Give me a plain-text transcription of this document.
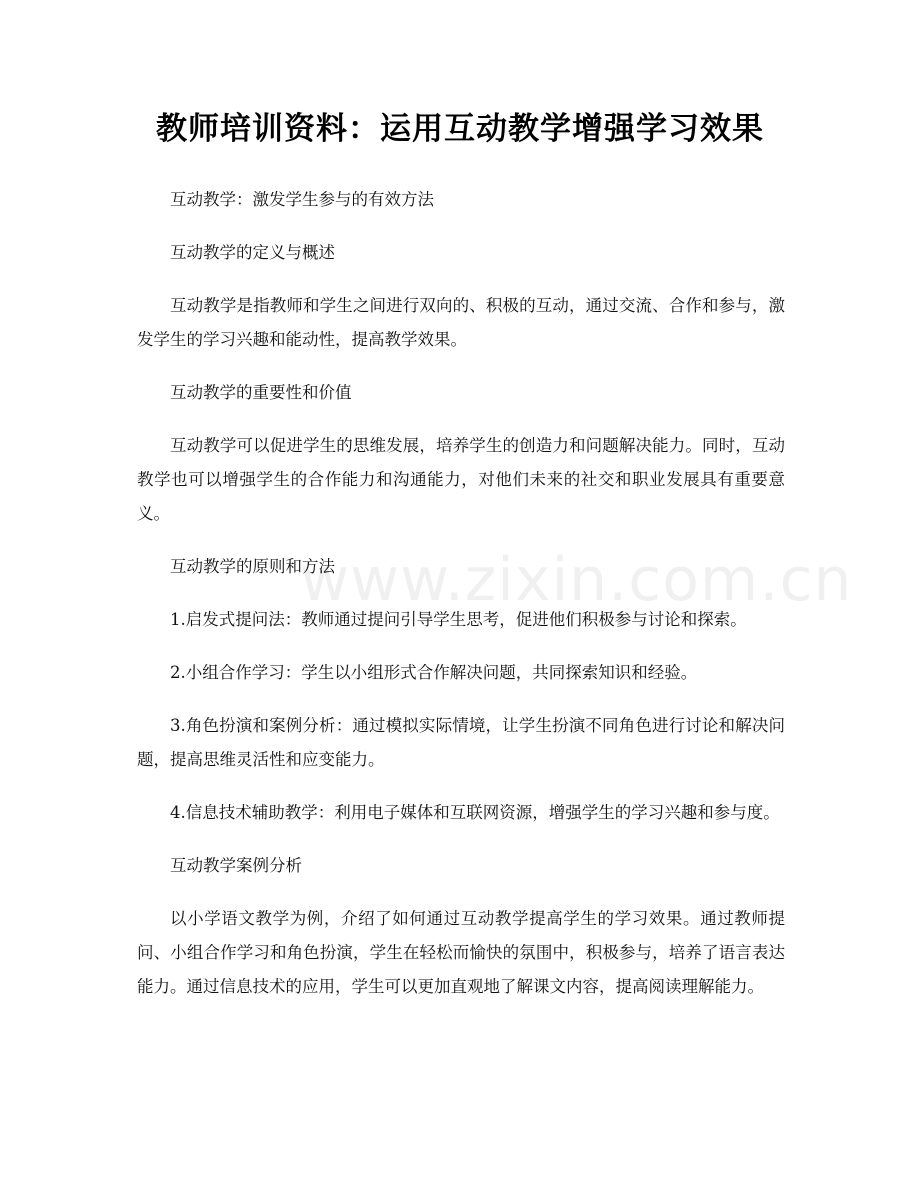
www.zixin.com.cn
教师培训资料：运用互动教学增强学习效果

互动教学：激发学生参与的有效方法

互动教学的定义与概述

互动教学是指教师和学生之间进行双向的、积极的互动，通过交流、合作和参与，激发学生的学习兴趣和能动性，提高教学效果。

互动教学的重要性和价值

互动教学可以促进学生的思维发展，培养学生的创造力和问题解决能力。同时，互动教学也可以增强学生的合作能力和沟通能力，对他们未来的社交和职业发展具有重要意义。

互动教学的原则和方法

1.启发式提问法：教师通过提问引导学生思考，促进他们积极参与讨论和探索。

2.小组合作学习：学生以小组形式合作解决问题，共同探索知识和经验。

3.角色扮演和案例分析：通过模拟实际情境，让学生扮演不同角色进行讨论和解决问题，提高思维灵活性和应变能力。

4.信息技术辅助教学：利用电子媒体和互联网资源，增强学生的学习兴趣和参与度。

互动教学案例分析

以小学语文教学为例，介绍了如何通过互动教学提高学生的学习效果。通过教师提问、小组合作学习和角色扮演，学生在轻松而愉快的氛围中，积极参与，培养了语言表达能力。通过信息技术的应用，学生可以更加直观地了解课文内容，提高阅读理解能力。
